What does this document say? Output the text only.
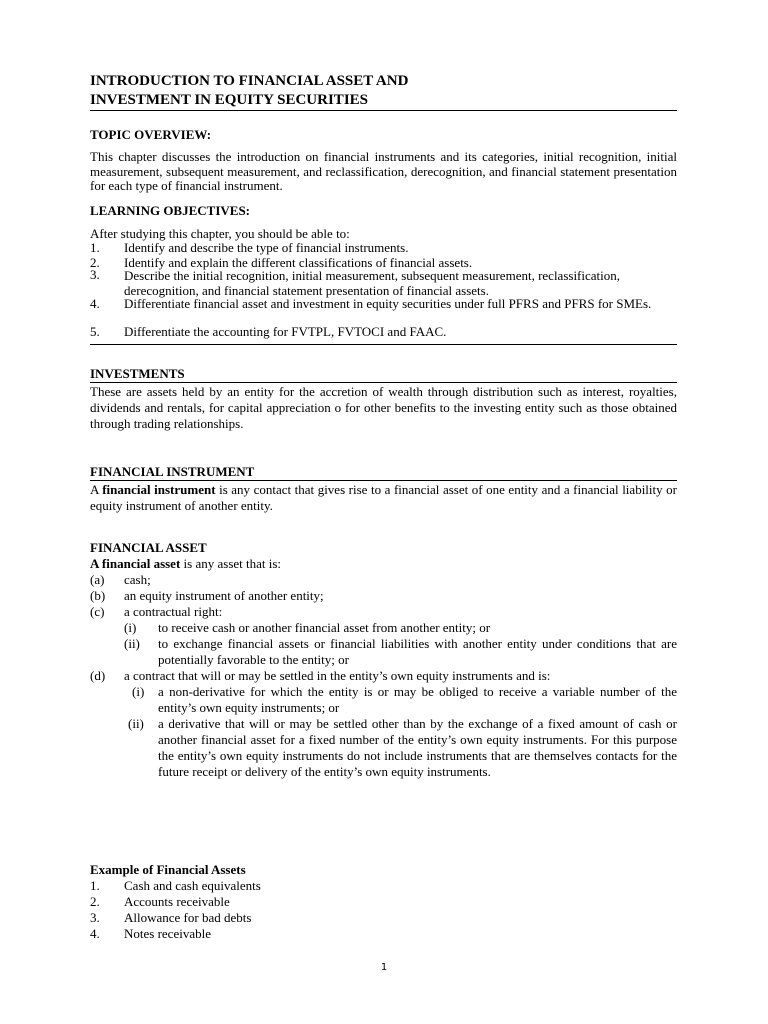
INTRODUCTION TO FINANCIAL ASSET AND
INVESTMENT IN EQUITY SECURITIES
TOPIC OVERVIEW:

This chapter discusses the introduction on financial instruments and its categories, initial recognition, initial measurement, subsequent measurement, and reclassification, derecognition, and financial statement presentation for each type of financial instrument.

LEARNING OBJECTIVES:
After studying this chapter, you should be able to:
1. Identify and describe the type of financial instruments.
2. Identify and explain the different classifications of financial assets.
3. Describe the initial recognition, initial measurement, subsequent measurement, reclassification, derecognition, and financial statement presentation of financial assets.
4. Differentiate financial asset and investment in equity securities under full PFRS and PFRS for SMEs.
5. Differentiate the accounting for FVTPL, FVTOCI and FAAC.
INVESTMENTS

These are assets held by an entity for the accretion of wealth through distribution such as interest, royalties, dividends and rentals, for capital appreciation o for other benefits to the investing entity such as those obtained through trading relationships.

FINANCIAL INSTRUMENT

A financial instrument is any contact that gives rise to a financial asset of one entity and a financial liability or equity instrument of another entity.

FINANCIAL ASSET
A financial asset is any asset that is:
(a) cash;
(b) an equity instrument of another entity;
(c) a contractual right:
(i) to receive cash or another financial asset from another entity; or
(ii) to exchange financial assets or financial liabilities with another entity under conditions that are potentially favorable to the entity; or
(d) a contract that will or may be settled in the entity’s own equity instruments and is:
(i) a non-derivative for which the entity is or may be obliged to receive a variable number of the entity’s own equity instruments; or
(ii) a derivative that will or may be settled other than by the exchange of a fixed amount of cash or another financial asset for a fixed number of the entity’s own equity instruments. For this purpose the entity’s own equity instruments do not include instruments that are themselves contacts for the future receipt or delivery of the entity’s own equity instruments.
Example of Financial Assets
1. Cash and cash equivalents
2. Accounts receivable
3. Allowance for bad debts
4. Notes receivable
1
